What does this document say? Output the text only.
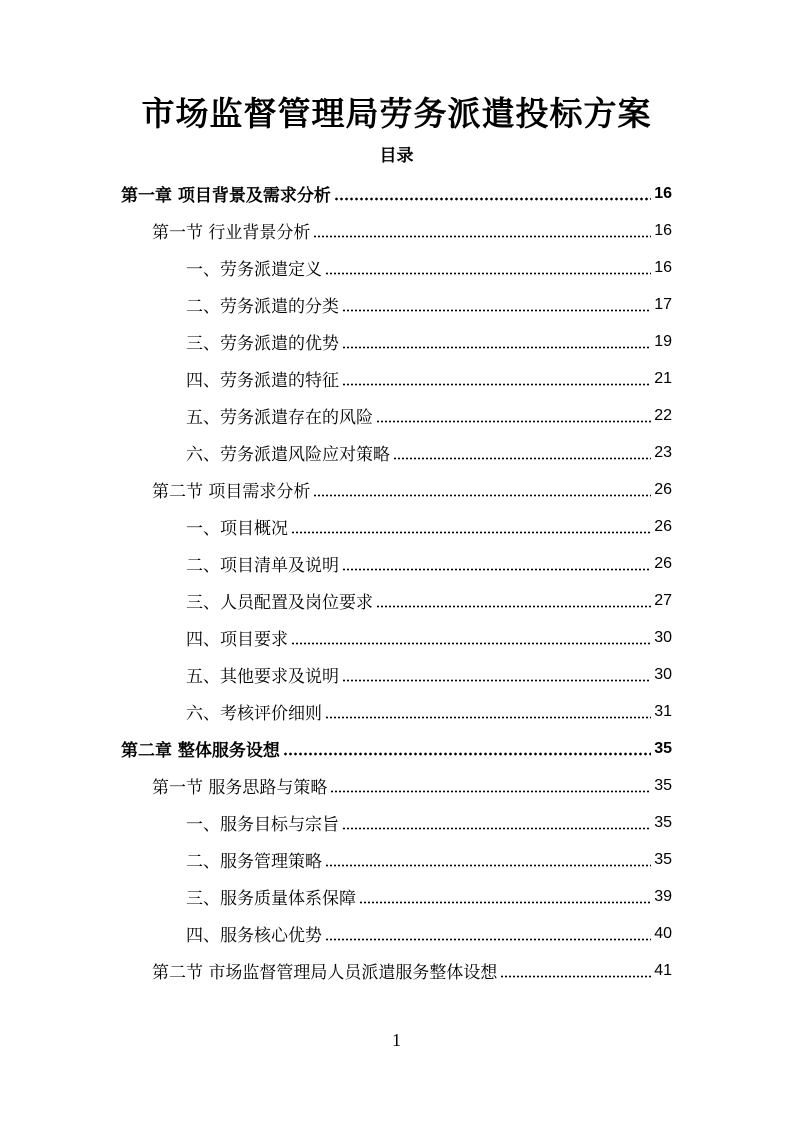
市场监督管理局劳务派遣投标方案
目录
第一章 项目背景及需求分析	16
第一节 行业背景分析	16
一、劳务派遣定义	16
二、劳务派遣的分类	17
三、劳务派遣的优势	19
四、劳务派遣的特征	21
五、劳务派遣存在的风险	22
六、劳务派遣风险应对策略	23
第二节 项目需求分析	26
一、项目概况	26
二、项目清单及说明	26
三、人员配置及岗位要求	27
四、项目要求	30
五、其他要求及说明	30
六、考核评价细则	31
第二章 整体服务设想	35
第一节 服务思路与策略	35
一、服务目标与宗旨	35
二、服务管理策略	35
三、服务质量体系保障	39
四、服务核心优势	40
第二节 市场监督管理局人员派遣服务整体设想	41
1
